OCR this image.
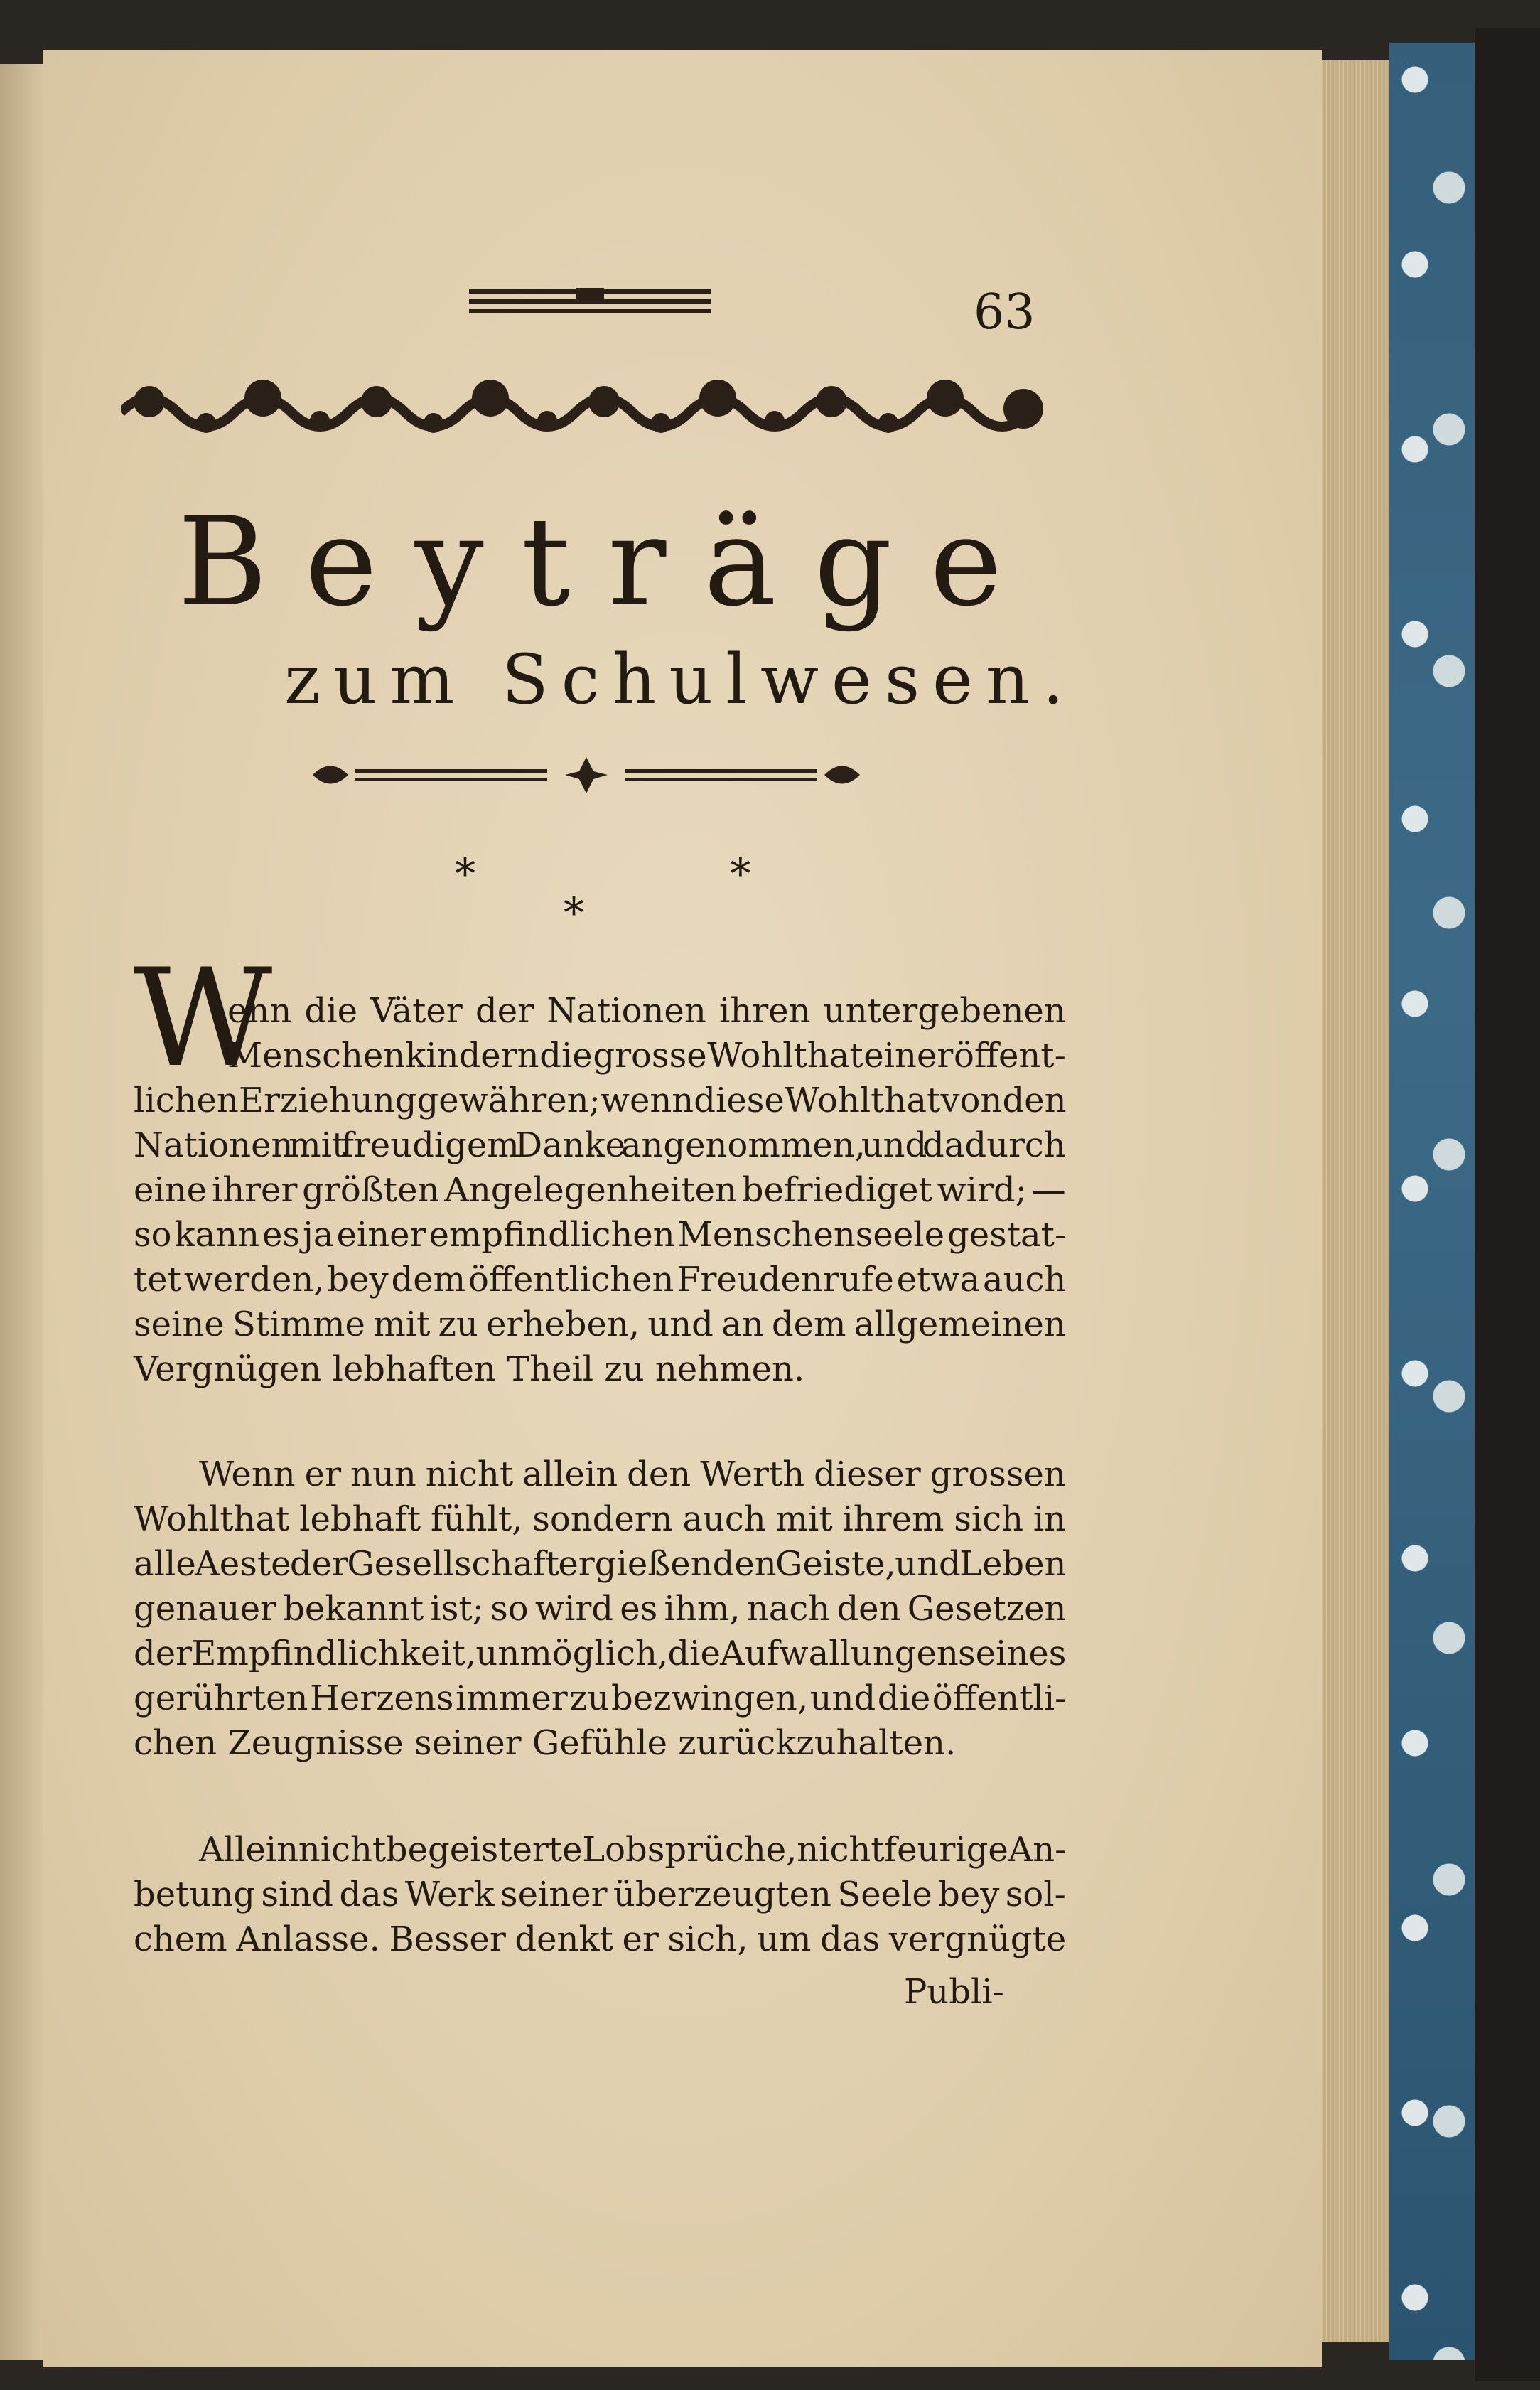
63
B e y t r ä g e
zum Schulwesen.
* *
*
W
enn die Väter der Nationen ihren untergebenen
Menschenkindern die grosse Wohlthat einer öffent-
lichen Erziehung gewähren; wenn diese Wohlthat von den
Nationen mit freudigem Danke angenommen, und dadurch
eine ihrer größten Angelegenheiten befriediget wird; —
so kann es ja einer empfindlichen Menschenseele gestat-
tet werden, bey dem öffentlichen Freudenrufe etwa auch
seine Stimme mit zu erheben, und an dem allgemeinen
Vergnügen lebhaften Theil zu nehmen.
Wenn er nun nicht allein den Werth dieser grossen
Wohlthat lebhaft fühlt, sondern auch mit ihrem sich in
alle Aeste der Gesellschaft ergießenden Geiste, und Leben
genauer bekannt ist; so wird es ihm, nach den Gesetzen
der Empfindlichkeit, unmöglich, die Aufwallungen seines
gerührten Herzens immer zu bezwingen, und die öffentli-
chen Zeugnisse seiner Gefühle zurückzuhalten.
Allein nicht begeisterte Lobsprüche, nicht feurige An-
betung sind das Werk seiner überzeugten Seele bey sol-
chem Anlasse. Besser denkt er sich, um das vergnügte
Publi-
